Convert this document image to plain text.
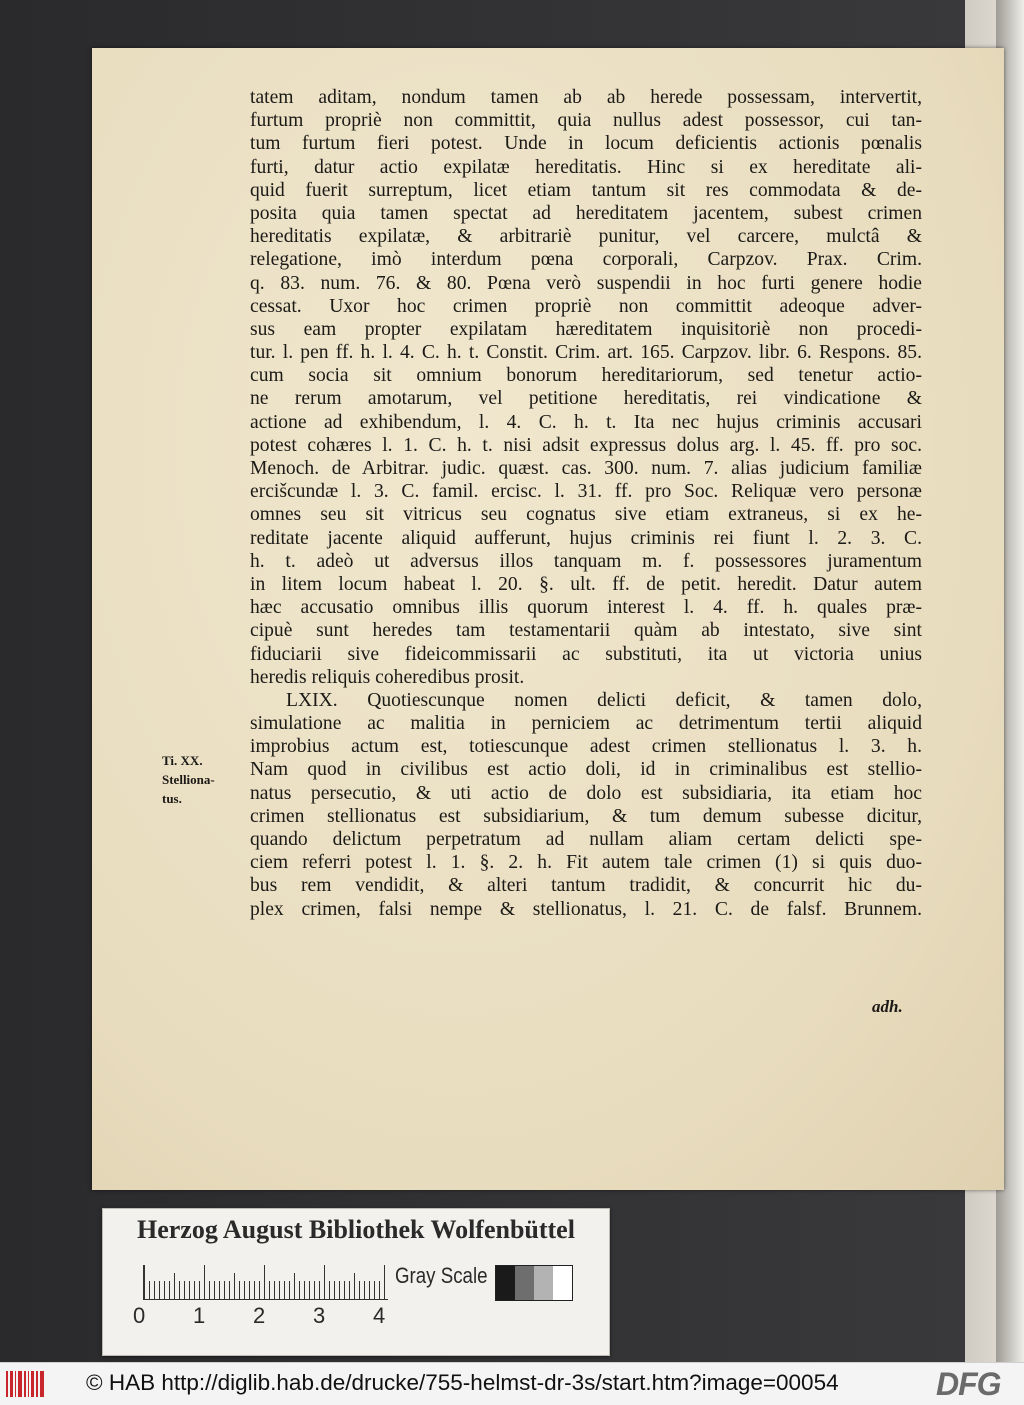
Ti. XX.
Stelliona-
tus.
tatem aditam, nondum tamen ab ab herede possessam, intervertit,
furtum propriè non committit, quia nullus adest possessor, cui tan-
tum furtum fieri potest. Unde in locum deficientis actionis pœnalis
furti, datur actio expilatæ hereditatis. Hinc si ex hereditate ali-
quid fuerit surreptum, licet etiam tantum sit res commodata & de-
posita quia tamen spectat ad hereditatem jacentem, subest crimen
hereditatis expilatæ, & arbitrariè punitur, vel carcere, mulctâ &
relegatione, imò interdum pœna corporali, Carpzov. Prax. Crim.
q. 83. num. 76. & 80. Pœna verò suspendii in hoc furti genere hodie
cessat. Uxor hoc crimen propriè non committit adeoque adver-
sus eam propter expilatam hæreditatem inquisitoriè non procedi-
tur. l. pen ff. h. l. 4. C. h. t. Constit. Crim. art. 165. Carpzov. libr. 6. Respons. 85.
cum socia sit omnium bonorum hereditariorum, sed tenetur actio-
ne rerum amotarum, vel petitione hereditatis, rei vindicatione &
actione ad exhibendum, l. 4. C. h. t. Ita nec hujus criminis accusari
potest cohæres l. 1. C. h. t. nisi adsit expressus dolus arg. l. 45. ff. pro soc.
Menoch. de Arbitrar. judic. quæst. cas. 300. num. 7. alias judicium familiæ
ercišcundæ l. 3. C. famil. ercisc. l. 31. ff. pro Soc. Reliquæ vero personæ
omnes seu sit vitricus seu cognatus sive etiam extraneus, si ex he-
reditate jacente aliquid aufferunt, hujus criminis rei fiunt l. 2. 3. C.
h. t. adeò ut adversus illos tanquam m. f. possessores juramentum
in litem locum habeat l. 20. §. ult. ff. de petit. heredit. Datur autem
hæc accusatio omnibus illis quorum interest l. 4. ff. h. quales præ-
cipuè sunt heredes tam testamentarii quàm ab intestato, sive sint
fiduciarii sive fideicommissarii ac substituti, ita ut victoria unius
heredis reliquis coheredibus prosit.
LXIX. Quotiescunque nomen delicti deficit, & tamen dolo,
simulatione ac malitia in perniciem ac detrimentum tertii aliquid
improbius actum est, totiescunque adest crimen stellionatus l. 3. h.
Nam quod in civilibus est actio doli, id in criminalibus est stellio-
natus persecutio, & uti actio de dolo est subsidiaria, ita etiam hoc
crimen stellionatus est subsidiarium, & tum demum subesse dicitur,
quando delictum perpetratum ad nullam aliam certam delicti spe-
ciem referri potest l. 1. §. 2. h. Fit autem tale crimen (1) si quis duo-
bus rem vendidit, & alteri tantum tradidit, & concurrit hic du-
plex crimen, falsi nempe & stellionatus, l. 21. C. de falsf. Brunnem.
adh.
Herzog August Bibliothek Wolfenbüttel
0 1 2 3 4
Gray Scale
© HAB http://diglib.hab.de/drucke/755-helmst-dr-3s/start.htm?image=00054	DFG
